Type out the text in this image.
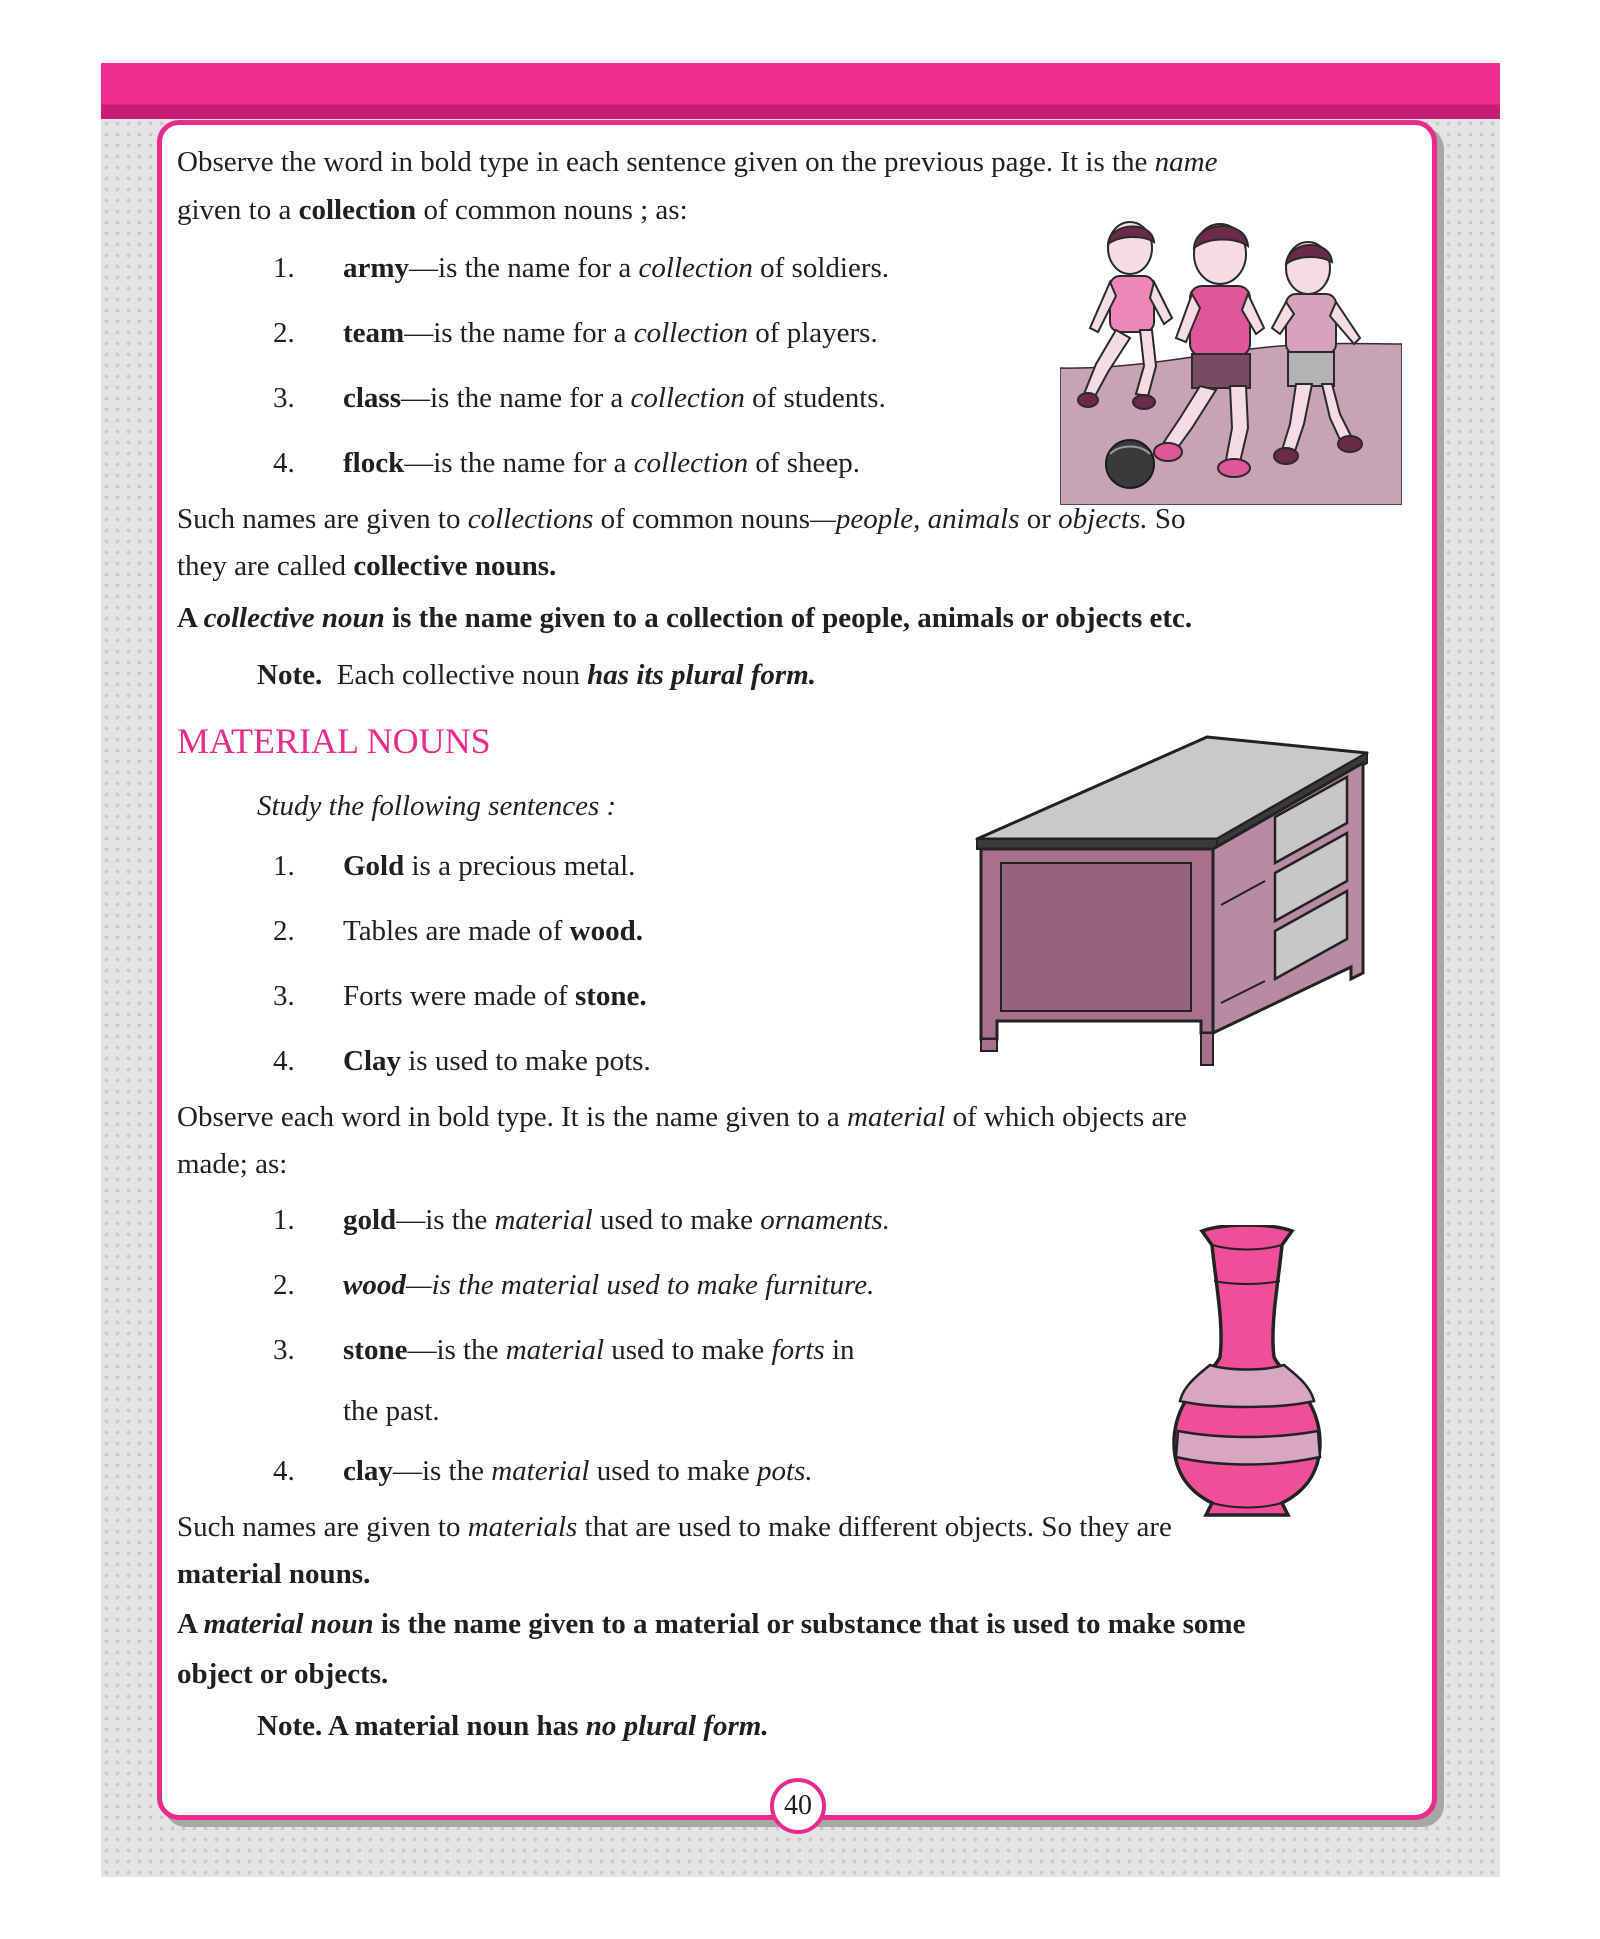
Observe the word in bold type in each sentence given on the previous page. It is the name

given to a collection of common nouns ; as:

1. army—is the name for a collection of soldiers.

2. team—is the name for a collection of players.

3. class—is the name for a collection of students.

4. flock—is the name for a collection of sheep.

Such names are given to collections of common nouns—people, animals or objects. So

they are called collective nouns.

A collective noun is the name given to a collection of people, animals or objects etc.

Note.  Each collective noun has its plural form.

MATERIAL NOUNS

Study the following sentences :

1. Gold is a precious metal.

2. Tables are made of wood.

3. Forts were made of stone.

4. Clay is used to make pots.

Observe each word in bold type. It is the name given to a material of which objects are

made; as:

1. gold—is the material used to make ornaments.

2. wood—is the material used to make furniture.

3. stone—is the material used to make forts in

the past.

4. clay—is the material used to make pots.

Such names are given to materials that are used to make different objects. So they are

material nouns.

A material noun is the name given to a material or substance that is used to make some

object or objects.

Note. A material noun has no plural form.

40
